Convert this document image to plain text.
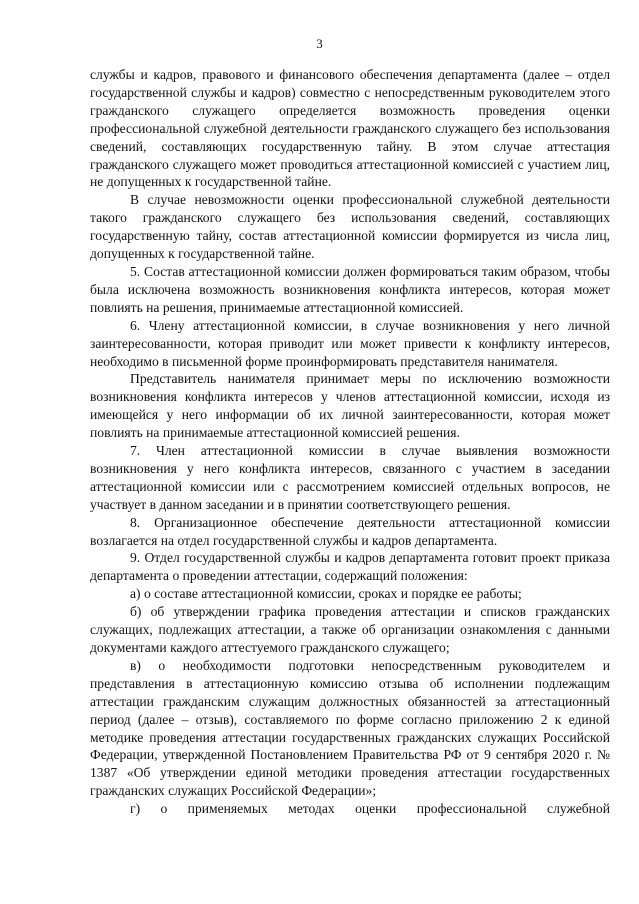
3

службы и кадров, правового и финансового обеспечения департамента (далее – отдел государственной службы и кадров) совместно с непосредственным руководителем этого гражданского служащего определяется возможность проведения оценки профессиональной служебной деятельности гражданского служащего без использования сведений, составляющих государственную тайну. В этом случае аттестация гражданского служащего может проводиться аттестационной комиссией с участием лиц, не допущенных к государственной тайне.

В случае невозможности оценки профессиональной служебной деятельности такого гражданского служащего без использования сведений, составляющих государственную тайну, состав аттестационной комиссии формируется из числа лиц, допущенных к государственной тайне.

5. Состав аттестационной комиссии должен формироваться таким образом, чтобы была исключена возможность возникновения конфликта интересов, которая может повлиять на решения, принимаемые аттестационной комиссией.

6. Члену аттестационной комиссии, в случае возникновения у него личной заинтересованности, которая приводит или может привести к конфликту интересов, необходимо в письменной форме проинформировать представителя нанимателя.

Представитель нанимателя принимает меры по исключению возможности возникновения конфликта интересов у членов аттестационной комиссии, исходя из имеющейся у него информации об их личной заинтересованности, которая может повлиять на принимаемые аттестационной комиссией решения.

7. Член аттестационной комиссии в случае выявления возможности возникновения у него конфликта интересов, связанного с участием в заседании аттестационной комиссии или с рассмотрением комиссией отдельных вопросов, не участвует в данном заседании и в принятии соответствующего решения.

8. Организационное обеспечение деятельности аттестационной комиссии возлагается на отдел государственной службы и кадров департамента.

9. Отдел государственной службы и кадров департамента готовит проект приказа департамента о проведении аттестации, содержащий положения:

а) о составе аттестационной комиссии, сроках и порядке ее работы;

б) об утверждении графика проведения аттестации и списков гражданских служащих, подлежащих аттестации, а также об организации ознакомления с данными документами каждого аттестуемого гражданского служащего;

в) о необходимости подготовки непосредственным руководителем и представления в аттестационную комиссию отзыва об исполнении подлежащим аттестации гражданским служащим должностных обязанностей за аттестационный период (далее – отзыв), составляемого по форме согласно приложению 2 к единой методике проведения аттестации государственных гражданских служащих Российской Федерации, утвержденной Постановлением Правительства РФ от 9 сентября 2020 г. № 1387 «Об утверждении единой методики проведения аттестации государственных гражданских служащих Российской Федерации»;

г) о применяемых методах оценки профессиональной служебной
